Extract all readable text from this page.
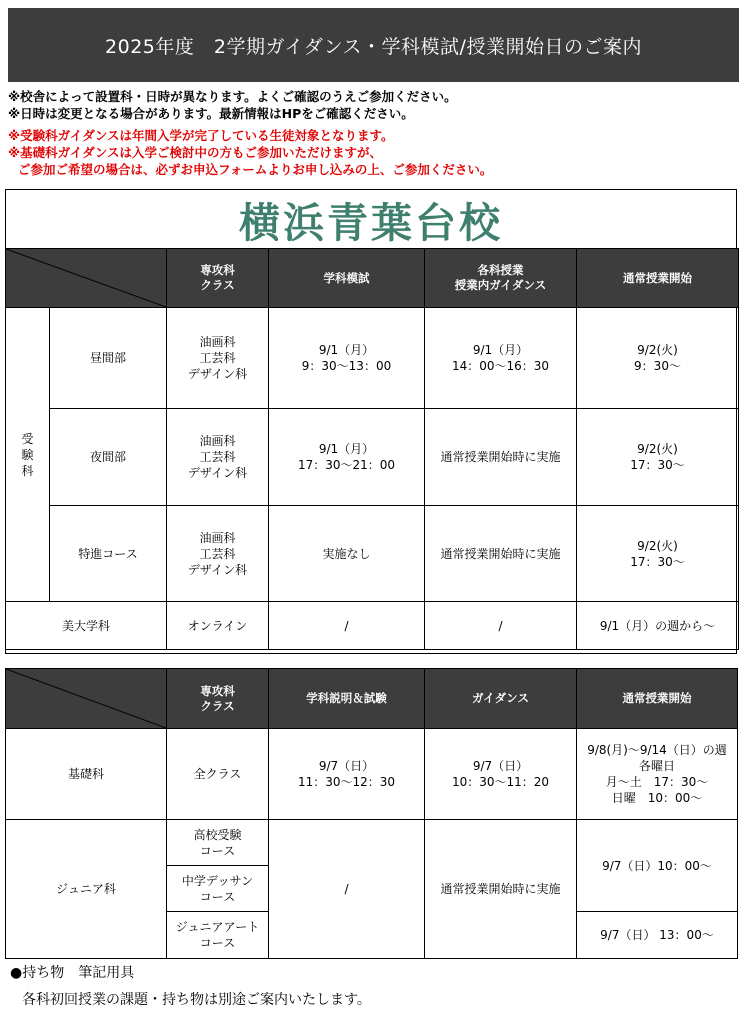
2025年度　2学期ガイダンス・学科模試/授業開始日のご案内
※校舎によって設置科・日時が異なります。よくご確認のうえご参加ください。
※日時は変更となる場合があります。最新情報はHPをご確認ください。
※受験科ガイダンスは年間入学が完了している生徒対象となります。
※基礎科ガイダンスは入学ご検討中の方もご参加いただけますが、
ご参加ご希望の場合は、必ずお申込フォームよりお申し込みの上、ご参加ください。
横浜青葉台校
	専攻科
クラス	学科模試	各科授業
授業内ガイダンス	通常授業開始
受
験
科	昼間部	油画科
工芸科
デザイン科	9/1（月）
9：30～13：00	9/1（月）
14：00～16：30	9/2(火)
9：30～
	夜間部	油画科
工芸科
デザイン科	9/1（月）
17：30～21：00	通常授業開始時に実施	9/2(火)
17：30～
	特進コース	油画科
工芸科
デザイン科	実施なし	通常授業開始時に実施	9/2(火)
17：30～
美大学科		オンライン	/	/	9/1（月）の週から～
	専攻科
クラス	学科説明＆試験	ガイダンス	通常授業開始
基礎科	全クラス	9/7（日）
11：30～12：30	9/7（日）
10：30～11：20	9/8(月)～9/14（日）の週
各曜日
月～土　17：30～
日曜　10：00～
ジュニア科	高校受験
コース	/	通常授業開始時に実施	9/7（日）10：00～
	中学デッサン
コース			
	ジュニアアート
コース			9/7（日） 13：00～
●持ち物　筆記用具
各科初回授業の課題・持ち物は別途ご案内いたします。
